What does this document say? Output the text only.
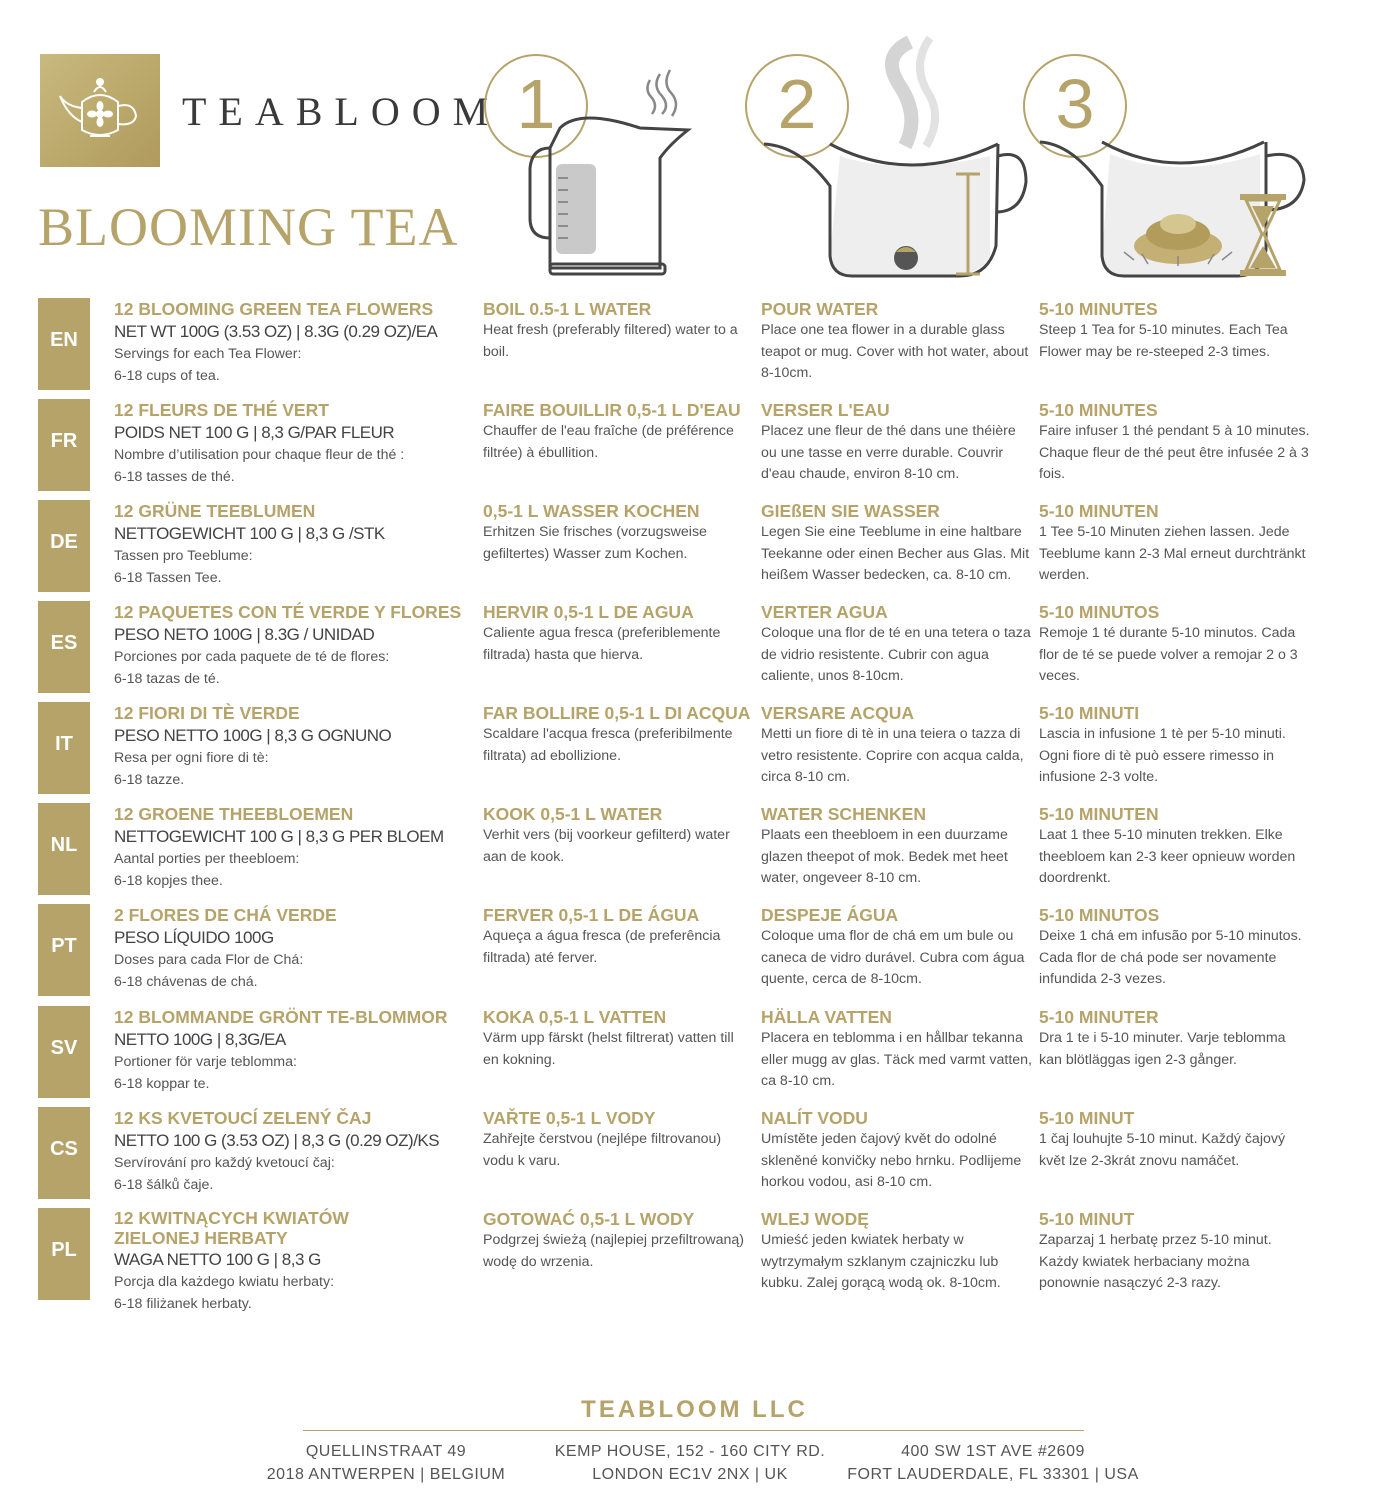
TEABLOOM
BLOOMING TEA
1	2	3
EN
12 BLOOMING GREEN TEA FLOWERS
NET WT 100G (3.53 OZ) | 8.3G (0.29 OZ)/EA
Servings for each Tea Flower:
6-18 cups of tea.
BOIL 0.5-1 L WATER
Heat fresh (preferably filtered) water to a boil.
POUR WATER
Place one tea flower in a durable glass teapot or mug. Cover with hot water, about 8-10cm.
5-10 MINUTES
Steep 1 Tea for 5-10 minutes. Each Tea Flower may be re-steeped 2-3 times.
FR
12 FLEURS DE THÉ VERT
POIDS NET 100 G | 8,3 G/PAR FLEUR
Nombre d’utilisation pour chaque fleur de thé :
6-18 tasses de thé.
FAIRE BOUILLIR 0,5-1 L D'EAU
Chauffer de l'eau fraîche (de préférence filtrée) à ébullition.
VERSER L'EAU
Placez une fleur de thé dans une théière ou une tasse en verre durable. Couvrir d'eau chaude, environ 8-10 cm.
5-10 MINUTES
Faire infuser 1 thé pendant 5 à 10 minutes. Chaque fleur de thé peut être infusée 2 à 3 fois.
DE
12 GRÜNE TEEBLUMEN
NETTOGEWICHT 100 G | 8,3 G /STK
Tassen pro Teeblume:
6-18 Tassen Tee.
0,5-1 L WASSER KOCHEN
Erhitzen Sie frisches (vorzugsweise gefiltertes) Wasser zum Kochen.
GIEßEN SIE WASSER
Legen Sie eine Teeblume in eine haltbare Teekanne oder einen Becher aus Glas. Mit heißem Wasser bedecken, ca. 8-10 cm.
5-10 MINUTEN
1 Tee 5-10 Minuten ziehen lassen. Jede Teeblume kann 2-3 Mal erneut durchtränkt werden.
ES
12 PAQUETES CON TÉ VERDE Y FLORES
PESO NETO 100G | 8.3G / UNIDAD
Porciones por cada paquete de té de flores:
6-18 tazas de té.
HERVIR 0,5-1 L DE AGUA
Caliente agua fresca (preferiblemente filtrada) hasta que hierva.
VERTER AGUA
Coloque una flor de té en una tetera o taza de vidrio resistente. Cubrir con agua caliente, unos 8-10cm.
5-10 MINUTOS
Remoje 1 té durante 5-10 minutos. Cada flor de té se puede volver a remojar 2 o 3 veces.
IT
12 FIORI DI TÈ VERDE
PESO NETTO 100G | 8,3 G OGNUNO
Resa per ogni fiore di tè:
6-18 tazze.
FAR BOLLIRE 0,5-1 L DI ACQUA
Scaldare l'acqua fresca (preferibilmente filtrata) ad ebollizione.
VERSARE ACQUA
Metti un fiore di tè in una teiera o tazza di vetro resistente. Coprire con acqua calda, circa 8-10 cm.
5-10 MINUTI
Lascia in infusione 1 tè per 5-10 minuti. Ogni fiore di tè può essere rimesso in infusione 2-3 volte.
NL
12 GROENE THEEBLOEMEN
NETTOGEWICHT 100 G | 8,3 G PER BLOEM
Aantal porties per theebloem:
6-18 kopjes thee.
KOOK 0,5-1 L WATER
Verhit vers (bij voorkeur gefilterd) water aan de kook.
WATER SCHENKEN
Plaats een theebloem in een duurzame glazen theepot of mok. Bedek met heet water, ongeveer 8-10 cm.
5-10 MINUTEN
Laat 1 thee 5-10 minuten trekken. Elke theebloem kan 2-3 keer opnieuw worden doordrenkt.
PT
2 FLORES DE CHÁ VERDE
PESO LÍQUIDO 100G
Doses para cada Flor de Chá:
6-18 chávenas de chá.
FERVER 0,5-1 L DE ÁGUA
Aqueça a água fresca (de preferência filtrada) até ferver.
DESPEJE ÁGUA
Coloque uma flor de chá em um bule ou caneca de vidro durável. Cubra com água quente, cerca de 8-10cm.
5-10 MINUTOS
Deixe 1 chá em infusão por 5-10 minutos. Cada flor de chá pode ser novamente infundida 2-3 vezes.
SV
12 BLOMMANDE GRÖNT TE-BLOMMOR
NETTO 100G | 8,3G/EA
Portioner för varje teblomma:
6-18 koppar te.
KOKA 0,5-1 L VATTEN
Värm upp färskt (helst filtrerat) vatten till en kokning.
HÄLLA VATTEN
Placera en teblomma i en hållbar tekanna eller mugg av glas. Täck med varmt vatten, ca 8-10 cm.
5-10 MINUTER
Dra 1 te i 5-10 minuter. Varje teblomma kan blötläggas igen 2-3 gånger.
CS
12 KS KVETOUCÍ ZELENÝ ČAJ
NETTO 100 G (3.53 OZ) | 8,3 G (0.29 OZ)/KS
Servírování pro každý kvetoucí čaj:
6-18 šálků čaje.
VAŘTE 0,5-1 L VODY
Zahřejte čerstvou (nejlépe filtrovanou) vodu k varu.
NALÍT VODU
Umístěte jeden čajový květ do odolné skleněné konvičky nebo hrnku. Podlijeme horkou vodou, asi 8-10 cm.
5-10 MINUT
1 čaj louhujte 5-10 minut. Každý čajový květ lze 2-3krát znovu namáčet.
PL
12 KWITNĄCYCH KWIATÓW ZIELONEJ HERBATY
WAGA NETTO 100 G | 8,3 G
Porcja dla każdego kwiatu herbaty:
6-18 filiżanek herbaty.
GOTOWAĆ 0,5-1 L WODY
Podgrzej świeżą (najlepiej przefiltrowaną) wodę do wrzenia.
WLEJ WODĘ
Umieść jeden kwiatek herbaty w wytrzymałym szklanym czajniczku lub kubku. Zalej gorącą wodą ok. 8-10cm.
5-10 MINUT
Zaparzaj 1 herbatę przez 5-10 minut. Każdy kwiatek herbaciany można ponownie nasączyć 2-3 razy.
TEABLOOM LLC
QUELLINSTRAAT 49
2018 ANTWERPEN | BELGIUM
KEMP HOUSE, 152 - 160 CITY RD.
LONDON EC1V 2NX | UK
400 SW 1ST AVE #2609
FORT LAUDERDALE, FL 33301 | USA
